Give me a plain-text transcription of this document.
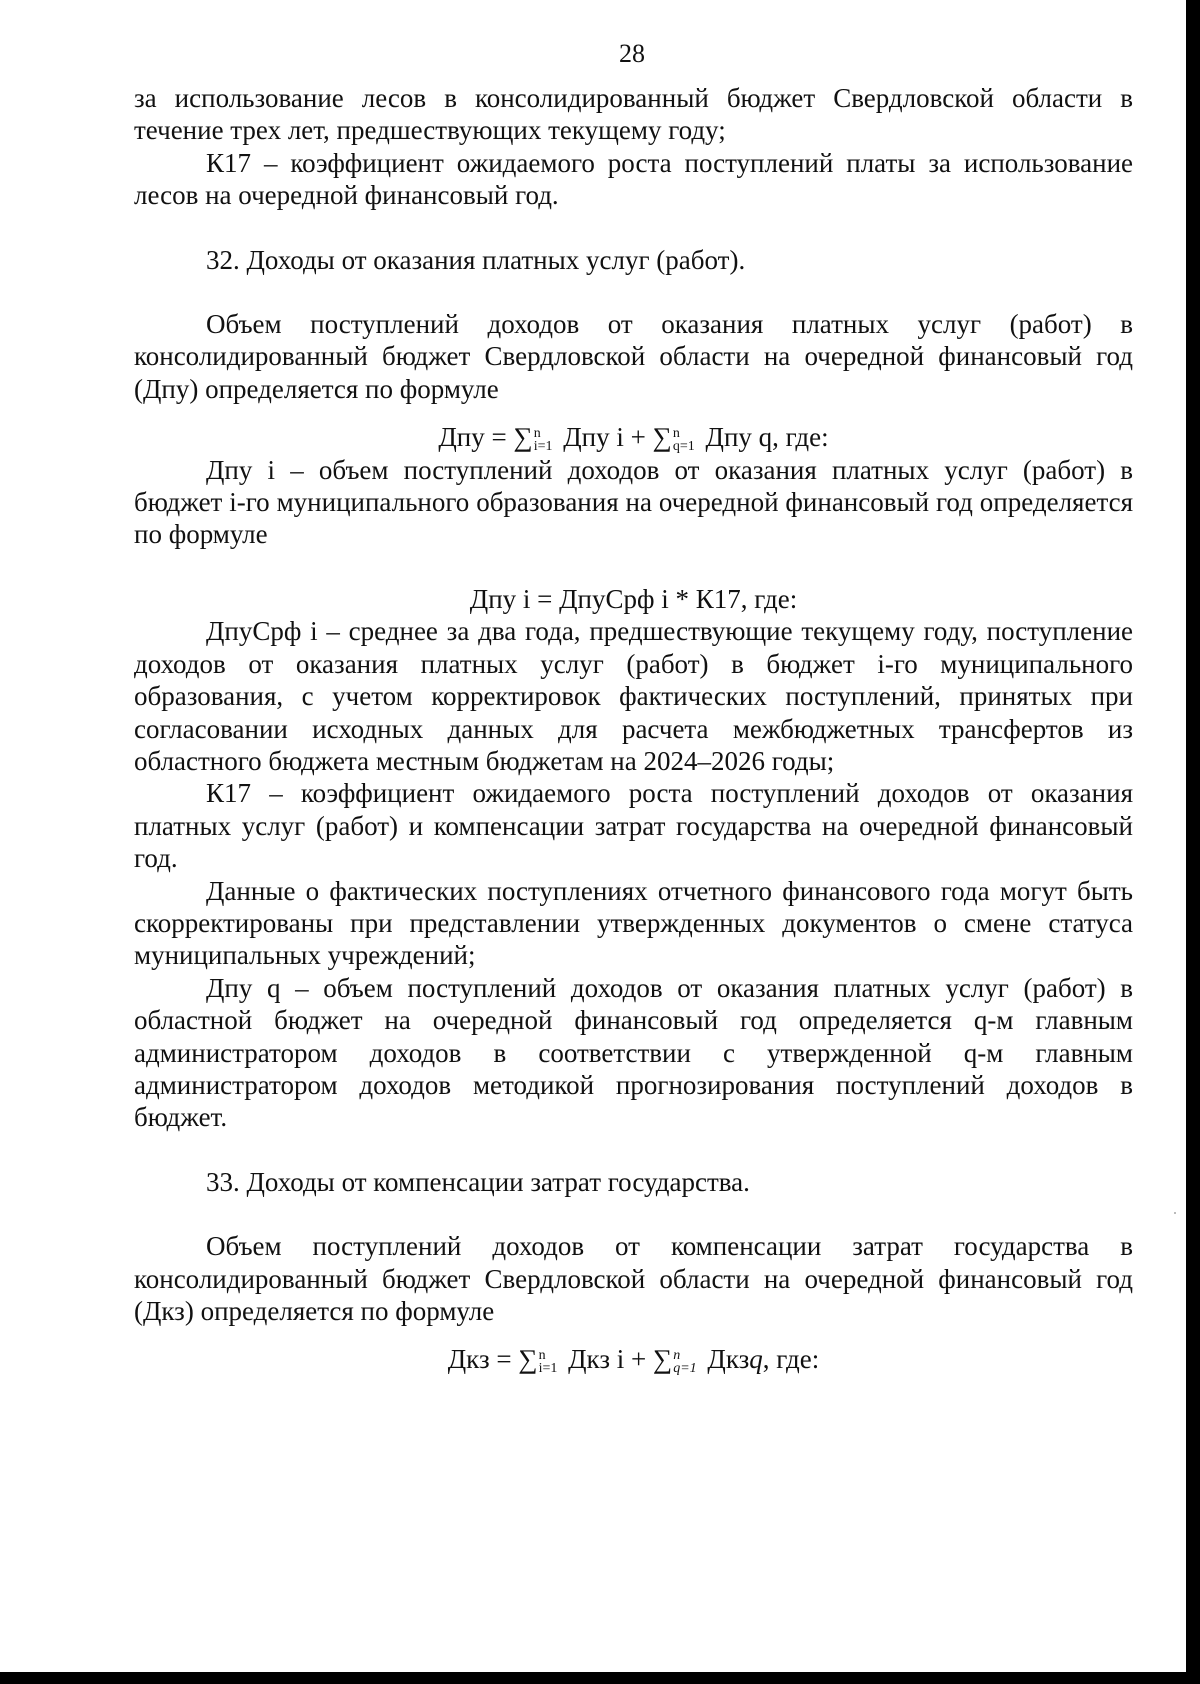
28

за использование лесов в консолидированный бюджет Свердловской области в течение трех лет, предшествующих текущему году;

К17 – коэффициент ожидаемого роста поступлений платы за использование лесов на очередной финансовый год.

32. Доходы от оказания платных услуг (работ).

Объем поступлений доходов от оказания платных услуг (работ) в консолидированный бюджет Свердловской области на очередной финансовый год (Дпу) определяется по формуле

Дпу = ∑ n
i=1 Дпу i + ∑ n
q=1 Дпу q, где:

Дпу i – объем поступлений доходов от оказания платных услуг (работ) в бюджет i-го муниципального образования на очередной финансовый год определяется по формуле

Дпу i = ДпуСрф i * К17, где:

ДпуСрф i – среднее за два года, предшествующие текущему году, поступление доходов от оказания платных услуг (работ) в бюджет i-го муниципального образования, с учетом корректировок фактических поступлений, принятых при согласовании исходных данных для расчета межбюджетных трансфертов из областного бюджета местным бюджетам на 2024–2026 годы;

К17 – коэффициент ожидаемого роста поступлений доходов от оказания платных услуг (работ) и компенсации затрат государства на очередной финансовый год.

Данные о фактических поступлениях отчетного финансового года могут быть скорректированы при представлении утвержденных документов о смене статуса муниципальных учреждений;

Дпу q – объем поступлений доходов от оказания платных услуг (работ) в областной бюджет на очередной финансовый год определяется q-м главным администратором доходов в соответствии с утвержденной q-м главным администратором доходов методикой прогнозирования поступлений доходов в бюджет.

33. Доходы от компенсации затрат государства.

Объем поступлений доходов от компенсации затрат государства в консолидированный бюджет Свердловской области на очередной финансовый год (Дкз) определяется по формуле

Дкз = ∑ n
i=1 Дкз i + ∑ n
q=1 Дкзq, где:
